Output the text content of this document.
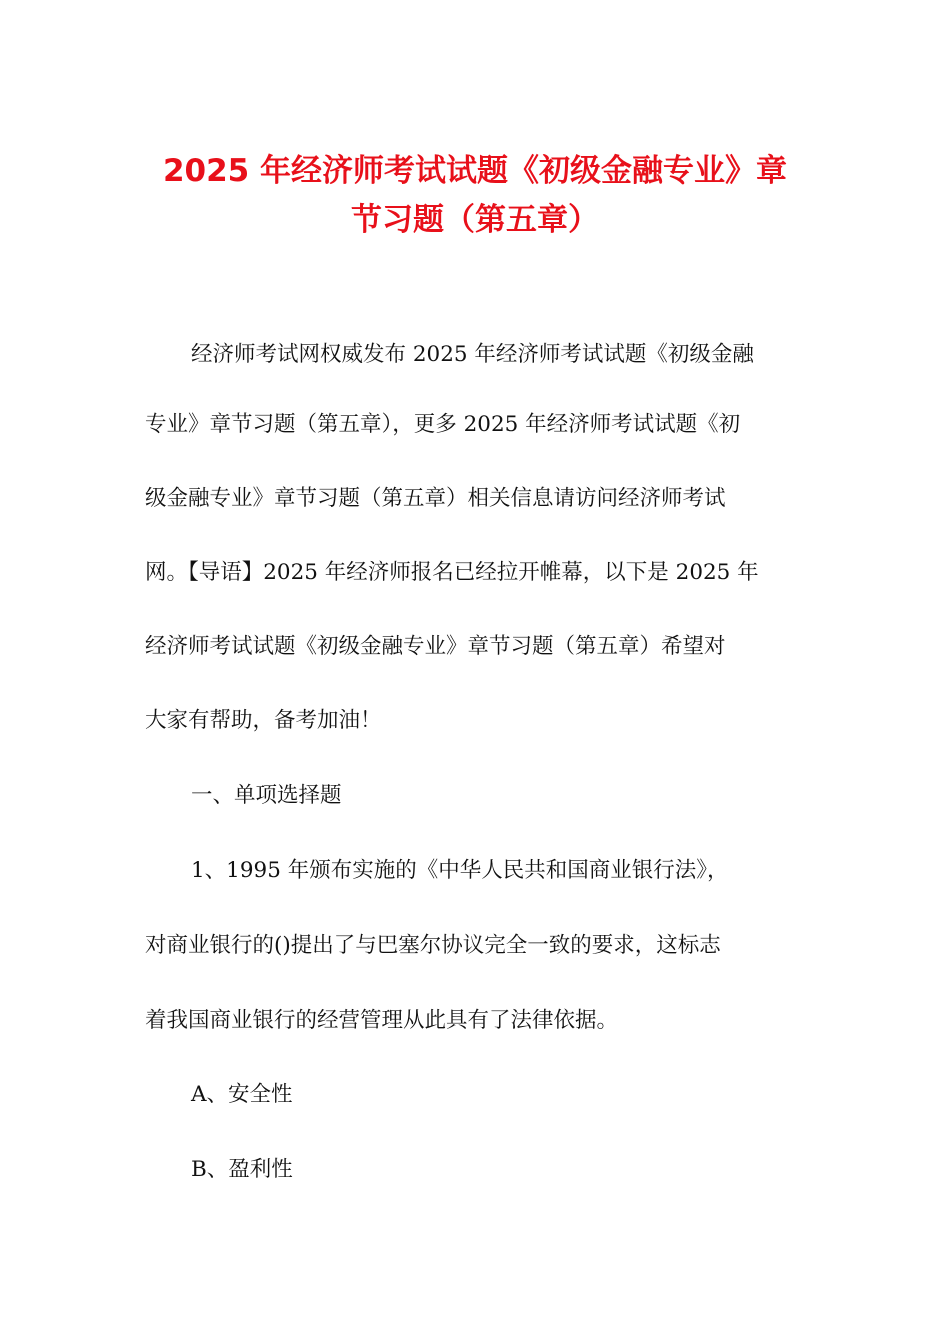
2025 年经济师考试试题《初级金融专业》章
节习题（第五章）
经济师考试网权威发布 2025 年经济师考试试题《初级金融
专业》章节习题（第五章），更多 2025 年经济师考试试题《初
级金融专业》章节习题（第五章）相关信息请访问经济师考试
网。【导语】2025 年经济师报名已经拉开帷幕，以下是 2025 年
经济师考试试题《初级金融专业》章节习题（第五章）希望对
大家有帮助，备考加油！
一、单项选择题
1、1995 年颁布实施的《中华人民共和国商业银行法》，
对商业银行的()提出了与巴塞尔协议完全一致的要求，这标志
着我国商业银行的经营管理从此具有了法律依据。
A、安全性
B、盈利性
